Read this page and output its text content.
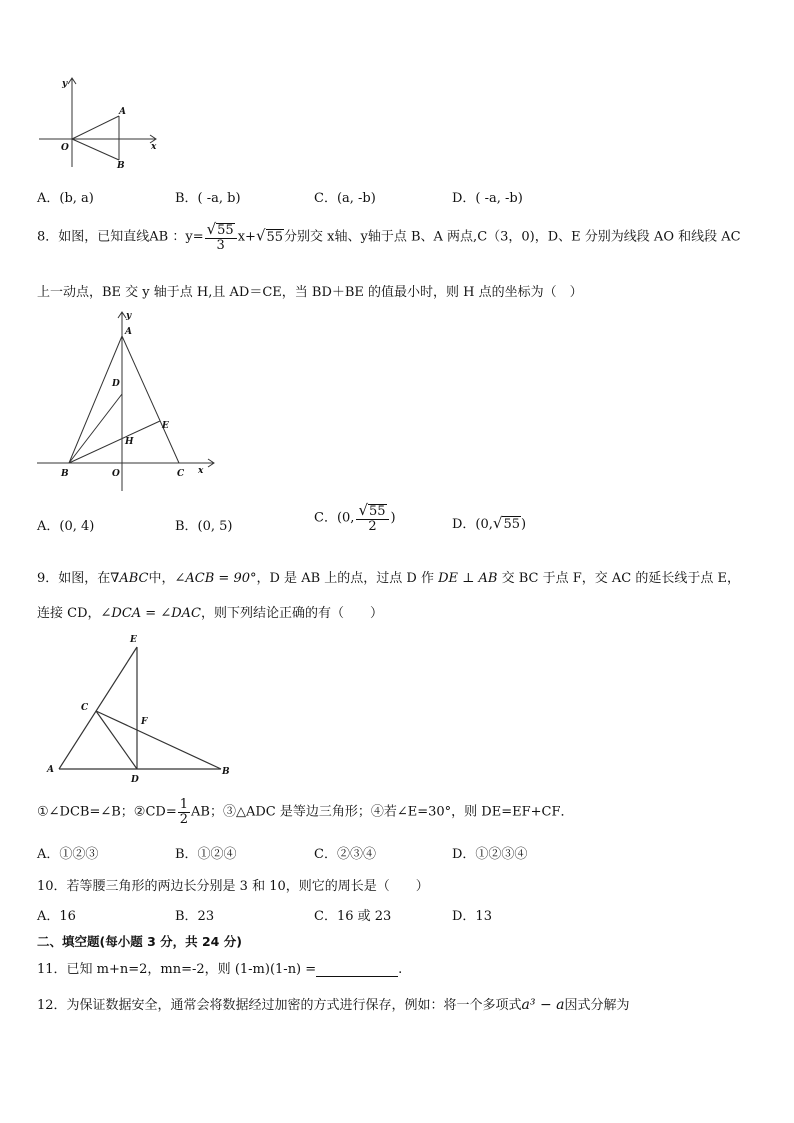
y
x
O
A
B
A．(b, a)	B．( -a, b)	C．(a, -b)	D．( -a, -b)
8．如图，已知直线AB ：$y= \frac{√55}{3} x+√55$分别交 x轴、y轴于点 B、A 两点,C（3，0)，D、E 分别为线段 AO 和线段 AC
上一动点，BE 交 y 轴于点 H,且 AD＝CE，当 BD＋BE 的值最小时，则 H 点的坐标为（　）
y
A
D
E
H
B	O	C x
A．(0, 4)	B．(0, 5)
C．(0, $\frac{√55}{2}$ )	D．(0,√55)
9．如图，在∇ABC中，∠ACB = 90°，D 是 AB 上的点，过点 D 作 DE ⊥ AB 交 BC 于点 F，交 AC 的延长线于点 E，
连接 CD，∠DCA = ∠DAC，则下列结论正确的有（　　）
E
C
F
A
D
B
①∠DCB=∠B；②CD= $\frac{1}{2}$ AB；③△ADC 是等边三角形；④若∠E=30°，则 DE=EF+CF．
A．①②③	B．①②④	C．②③④	D．①②③④
10．若等腰三角形的两边长分别是 3 和 10，则它的周长是（　　）
A．16	B．23	C．16 或 23	D．13
二、填空题(每小题 3 分，共 24 分)
11．已知 m+n=2，mn=-2，则 (1-m)(1-n) =	.
12．为保证数据安全，通常会将数据经过加密的方式进行保存，例如：将一个多项式a³ − a因式分解为
